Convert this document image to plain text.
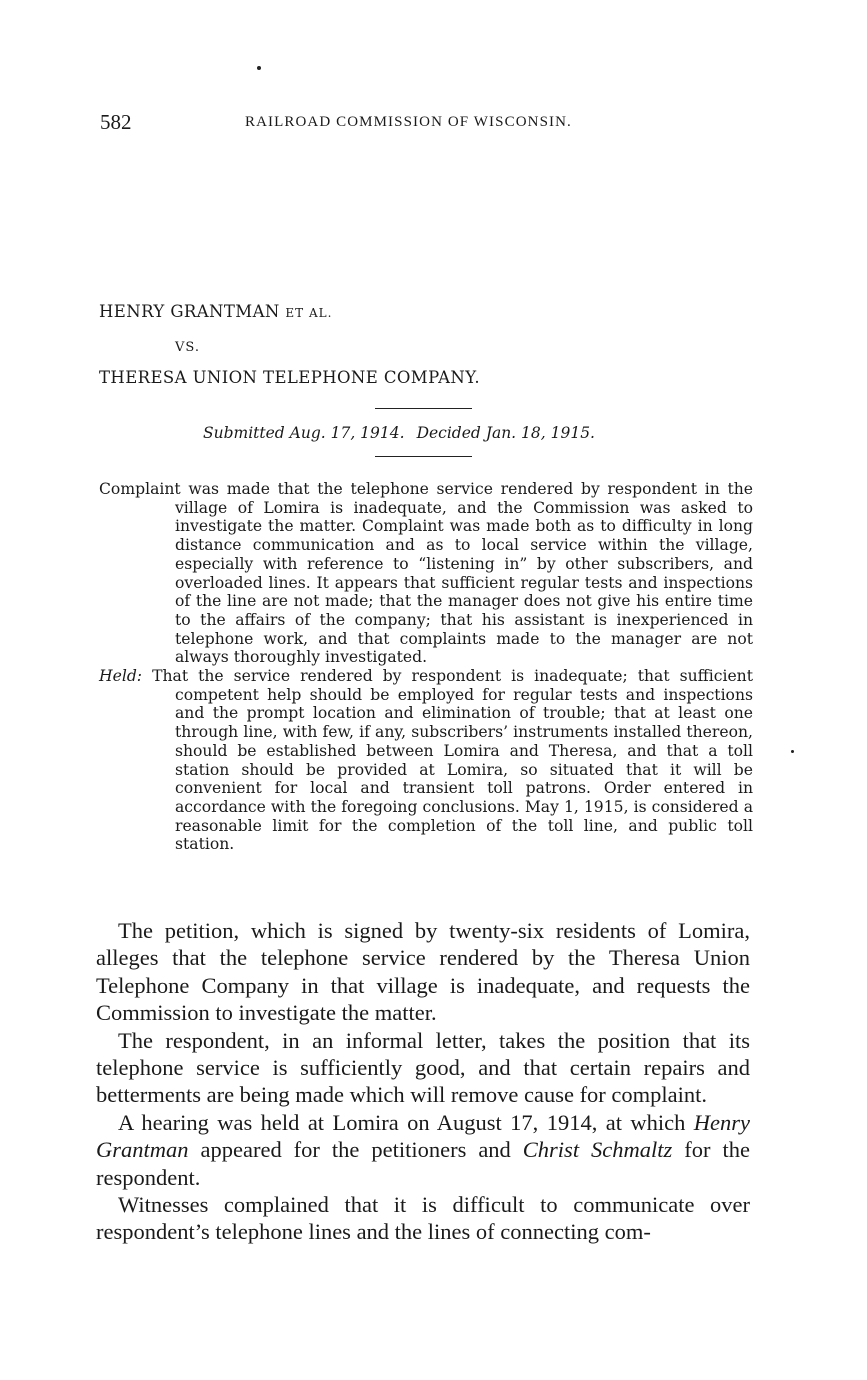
582	RAILROAD COMMISSION OF WISCONSIN.
HENRY GRANTMAN ET AL.
VS.
THERESA UNION TELEPHONE COMPANY.
Submitted Aug. 17, 1914. Decided Jan. 18, 1915.

Complaint was made that the telephone service rendered by respondent in the village of Lomira is inadequate, and the Commission was asked to investigate the matter. Complaint was made both as to difficulty in long distance communication and as to local service within the village, especially with reference to “listening in” by other subscribers, and overloaded lines. It appears that sufficient regular tests and inspections of the line are not made; that the manager does not give his entire time to the affairs of the company; that his assistant is inexperienced in telephone work, and that complaints made to the manager are not always thoroughly investigated.

Held: That the service rendered by respondent is inadequate; that sufficient competent help should be employed for regular tests and inspections and the prompt location and elimination of trouble; that at least one through line, with few, if any, subscribers’ instruments installed thereon, should be established between Lomira and Theresa, and that a toll station should be provided at Lomira, so situated that it will be convenient for local and transient toll patrons. Order entered in accordance with the foregoing conclusions. May 1, 1915, is considered a reasonable limit for the completion of the toll line, and public toll station.

The petition, which is signed by twenty-six residents of Lomira, alleges that the telephone service rendered by the Theresa Union Telephone Company in that village is inadequate, and requests the Commission to investigate the matter.

The respondent, in an informal letter, takes the position that its telephone service is sufficiently good, and that certain repairs and betterments are being made which will remove cause for complaint.

A hearing was held at Lomira on August 17, 1914, at which Henry Grantman appeared for the petitioners and Christ Schmaltz for the respondent.

Witnesses complained that it is difficult to communicate over respondent’s telephone lines and the lines of connecting com-
